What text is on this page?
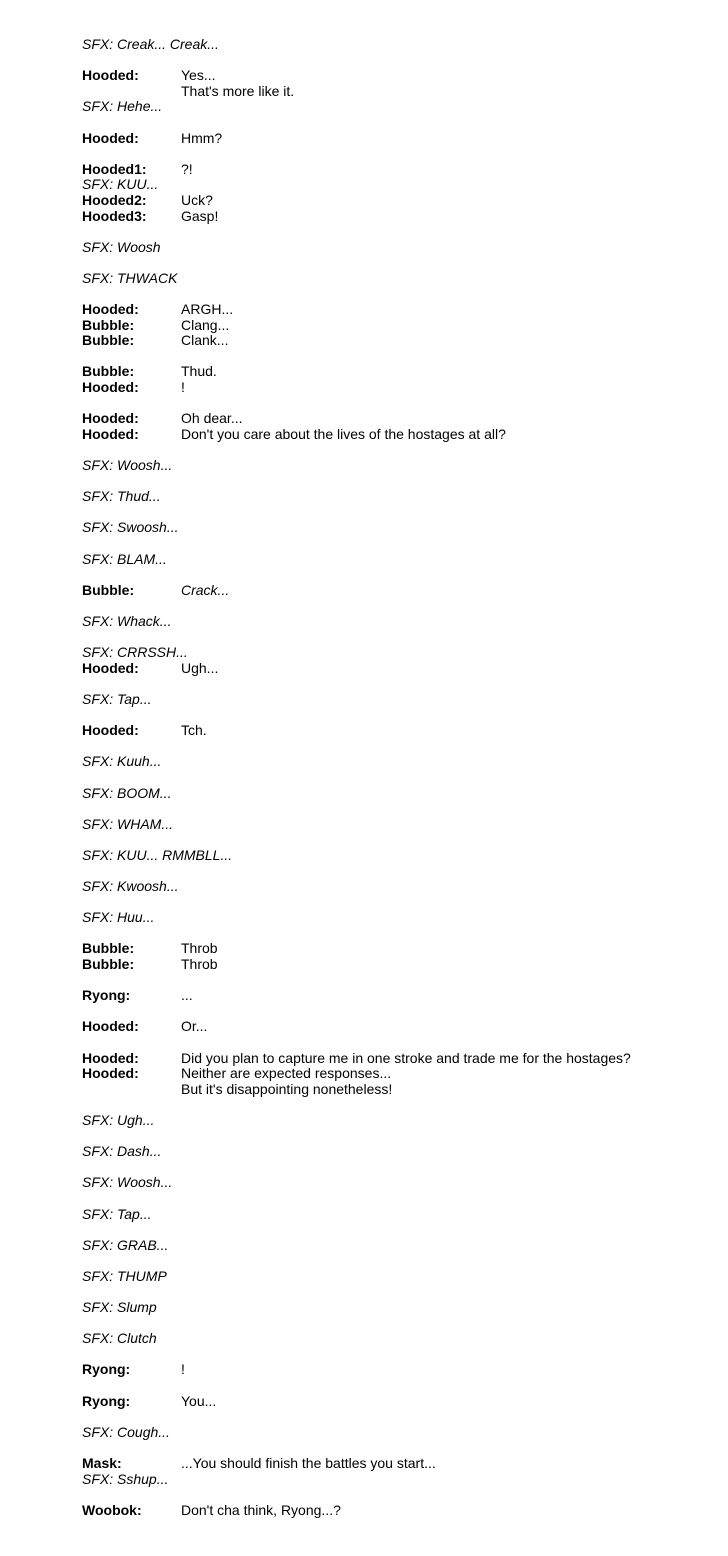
SFX: Creak... Creak...
Hooded:	Yes...
That's more like it.
SFX: Hehe...
Hooded:	Hmm?
Hooded1: ?!
SFX: KUU...
Hooded2: Uck?
Hooded3: Gasp!
SFX: Woosh
SFX: THWACK
Hooded:	ARGH...
Bubble:	Clang...
Bubble:	Clank...
Bubble:	Thud.
Hooded:	!
Hooded:	Oh dear...
Hooded:	Don't you care about the lives of the hostages at all?
SFX: Woosh...
SFX: Thud...
SFX: Swoosh...
SFX: BLAM...
Bubble:	Crack...
SFX: Whack...
SFX: CRRSSH...
Hooded:	Ugh...
SFX: Tap...
Hooded:	Tch.
SFX: Kuuh...
SFX: BOOM...
SFX: WHAM...
SFX: KUU... RMMBLL...
SFX: Kwoosh...
SFX: Huu...
Bubble:	Throb
Bubble:	Throb
Ryong:	...
Hooded:	Or...
Hooded:	Did you plan to capture me in one stroke and trade me for the hostages?
Hooded:	Neither are expected responses...
But it's disappointing nonetheless!
SFX: Ugh...
SFX: Dash...
SFX: Woosh...
SFX: Tap...
SFX: GRAB...
SFX: THUMP
SFX: Slump
SFX: Clutch
Ryong:	!
Ryong:	You...
SFX: Cough...
Mask:	...You should finish the battles you start...
SFX: Sshup...
Woobok:	Don't cha think, Ryong...?
